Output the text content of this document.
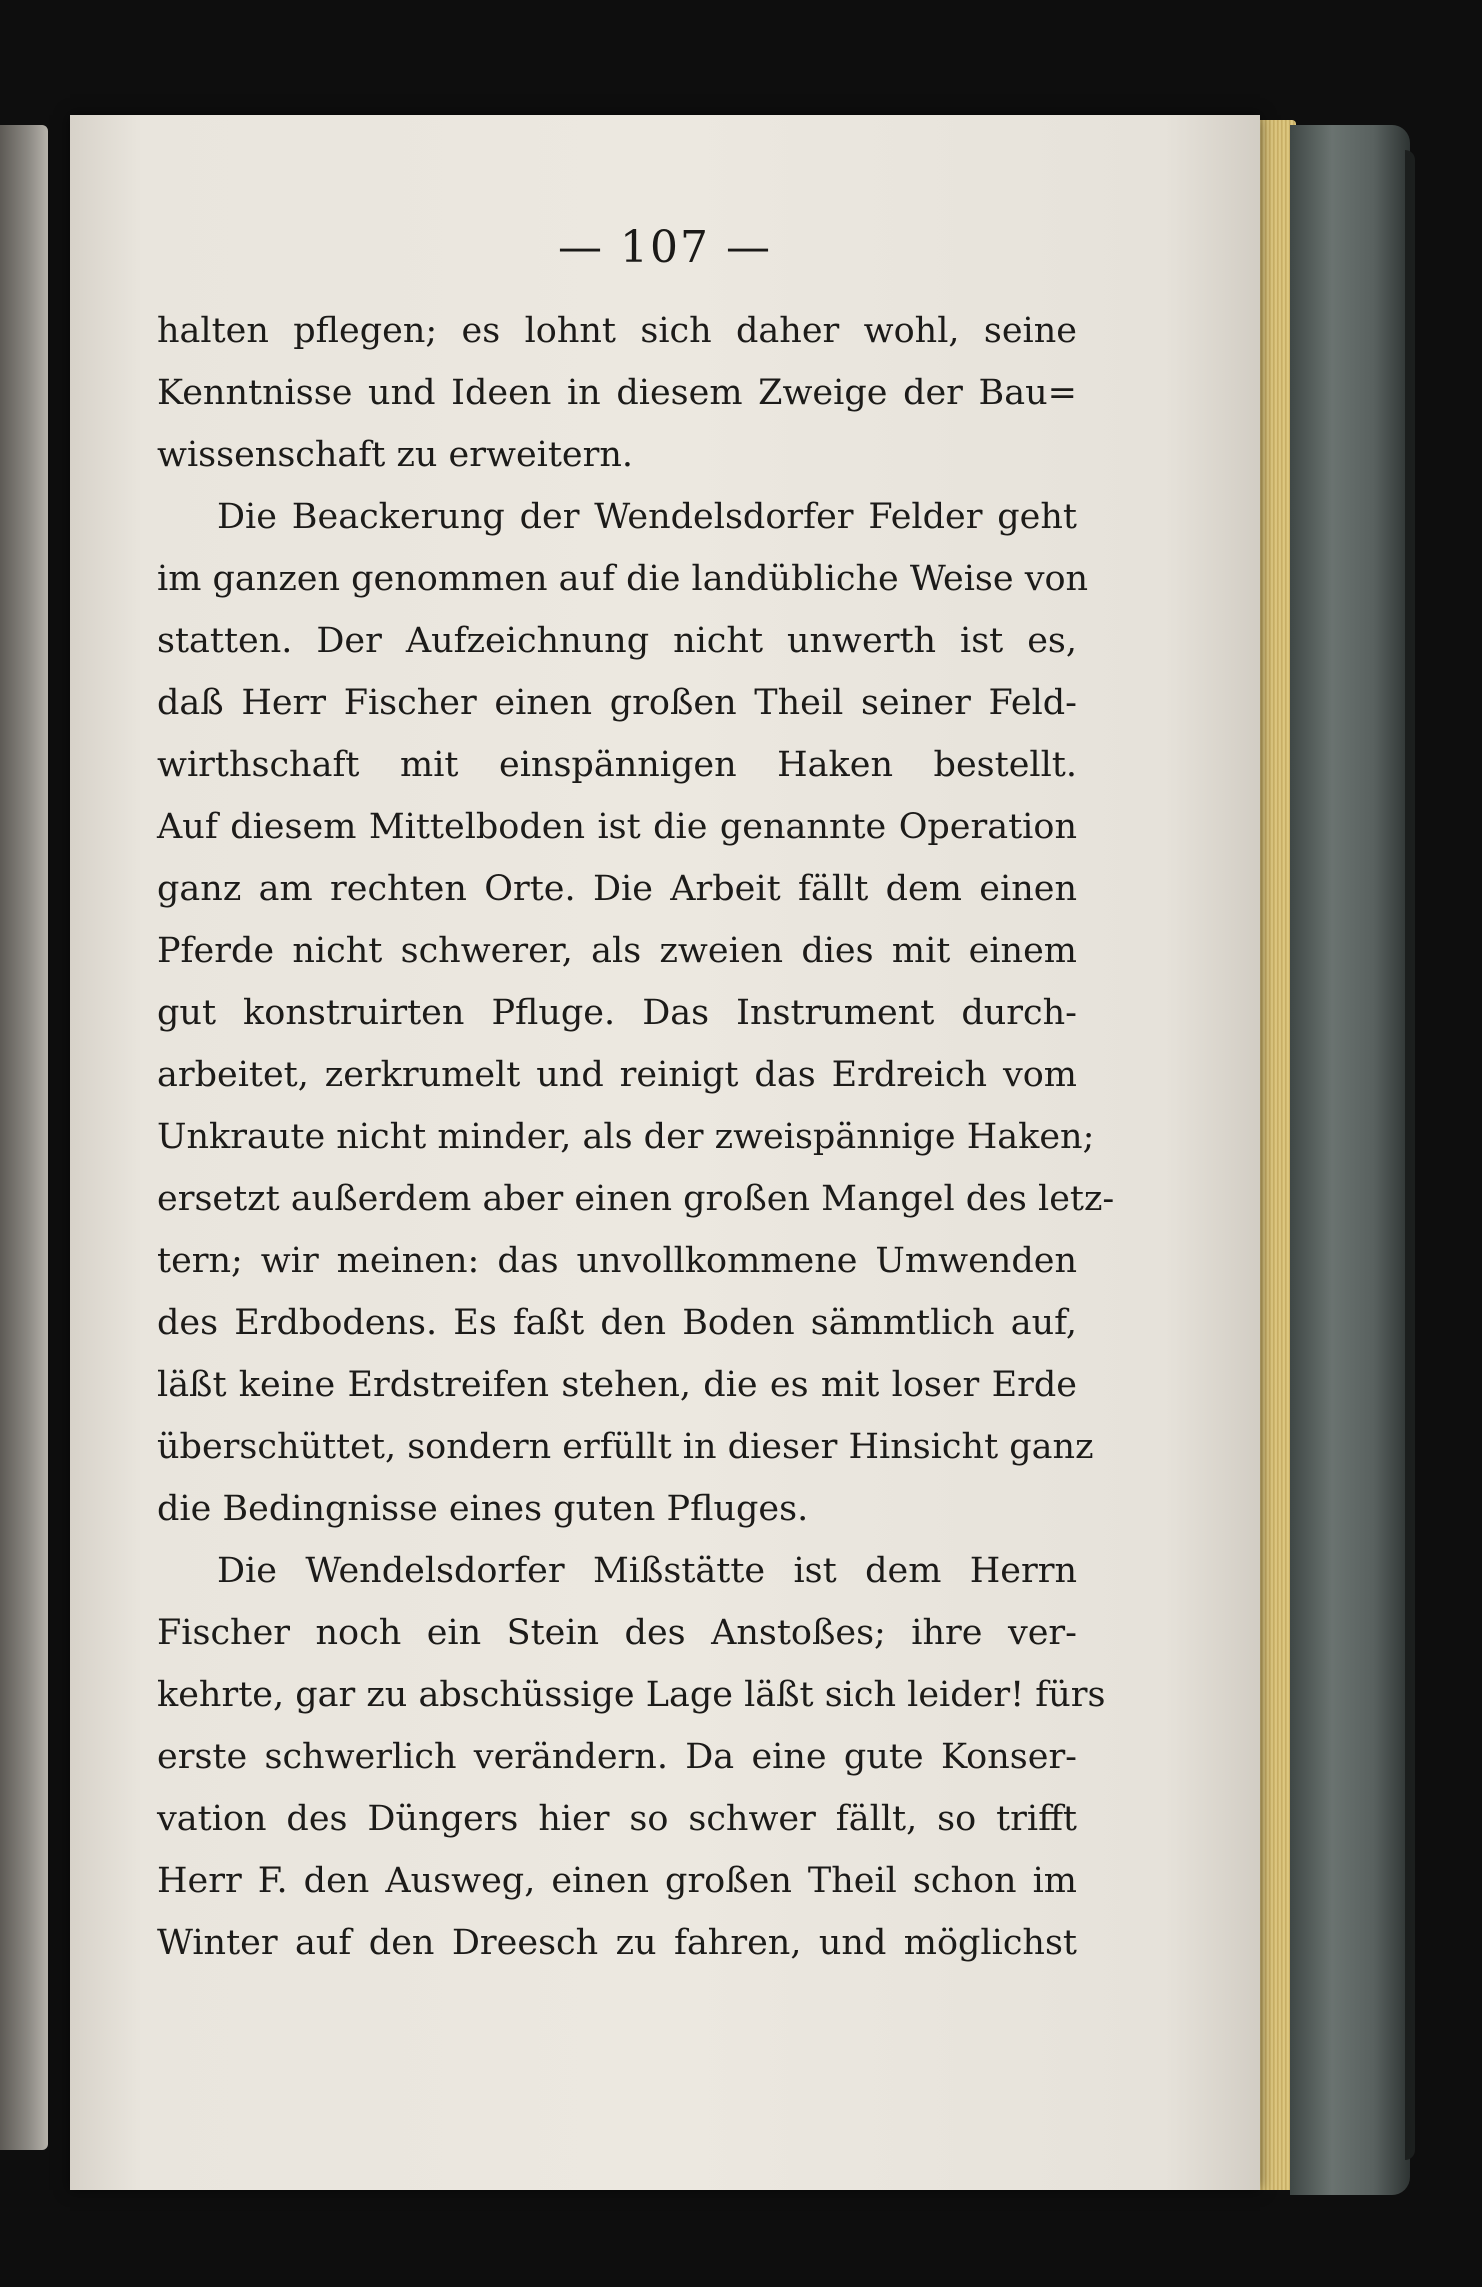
— 107 —
halten pflegen; es lohnt sich daher wohl, seine
Kenntnisse und Ideen in diesem Zweige der Bau=
wissenschaft zu erweitern.
Die Beackerung der Wendelsdorfer Felder geht
im ganzen genommen auf die landübliche Weise von
statten. Der Aufzeichnung nicht unwerth ist es,
daß Herr Fischer einen großen Theil seiner Feld-
wirthschaft mit einspännigen Haken bestellt.
Auf diesem Mittelboden ist die genannte Operation
ganz am rechten Orte. Die Arbeit fällt dem einen
Pferde nicht schwerer, als zweien dies mit einem
gut konstruirten Pfluge. Das Instrument durch-
arbeitet, zerkrumelt und reinigt das Erdreich vom
Unkraute nicht minder, als der zweispännige Haken;
ersetzt außerdem aber einen großen Mangel des letz-
tern; wir meinen: das unvollkommene Umwenden
des Erdbodens. Es faßt den Boden sämmtlich auf,
läßt keine Erdstreifen stehen, die es mit loser Erde
überschüttet, sondern erfüllt in dieser Hinsicht ganz
die Bedingnisse eines guten Pfluges.
Die Wendelsdorfer Mißstätte ist dem Herrn
Fischer noch ein Stein des Anstoßes; ihre ver-
kehrte, gar zu abschüssige Lage läßt sich leider! fürs
erste schwerlich verändern. Da eine gute Konser-
vation des Düngers hier so schwer fällt, so trifft
Herr F. den Ausweg, einen großen Theil schon im
Winter auf den Dreesch zu fahren, und möglichst
